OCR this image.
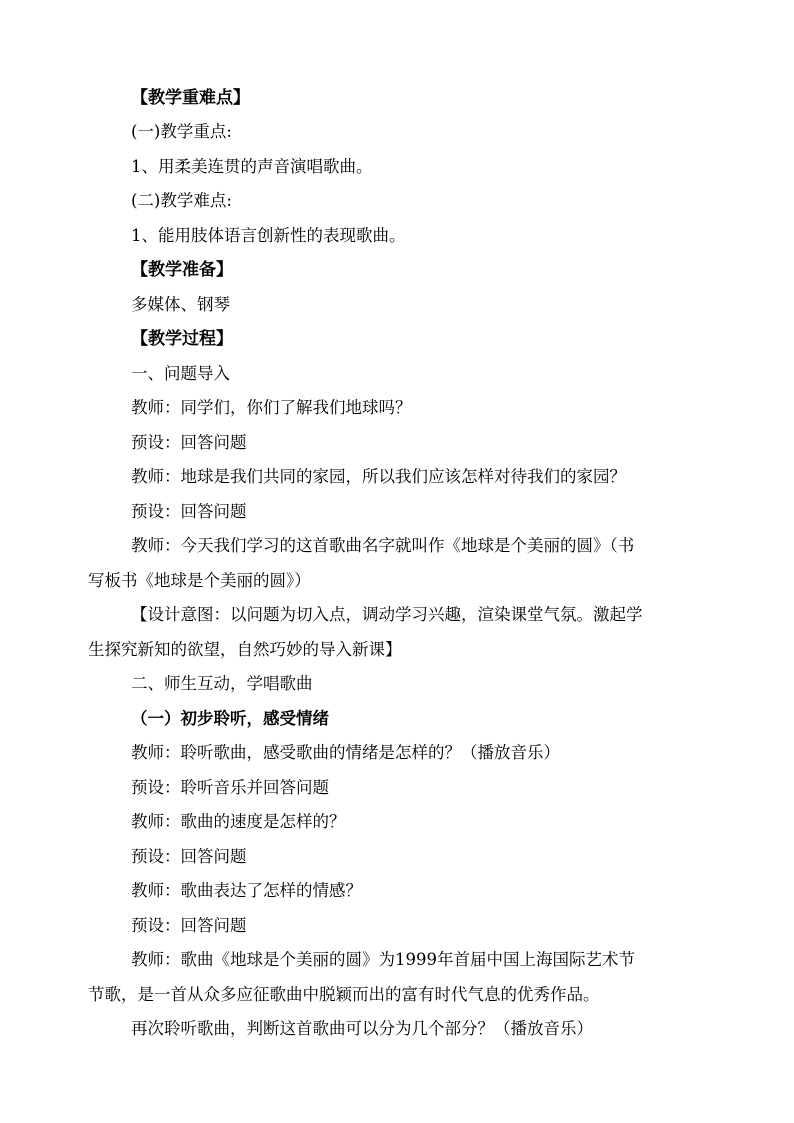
【教学重难点】
(一)教学重点:
1、用柔美连贯的声音演唱歌曲。
(二)教学难点:
1、能用肢体语言创新性的表现歌曲。
【教学准备】
多媒体、钢琴
【教学过程】
一、问题导入
教师：同学们，你们了解我们地球吗？
预设：回答问题
教师：地球是我们共同的家园，所以我们应该怎样对待我们的家园？
预设：回答问题
教师：今天我们学习的这首歌曲名字就叫作《地球是个美丽的圆》（书
写板书《地球是个美丽的圆》）
【设计意图：以问题为切入点，调动学习兴趣，渲染课堂气氛。激起学
生探究新知的欲望，自然巧妙的导入新课】
二、师生互动，学唱歌曲
（一）初步聆听，感受情绪
教师：聆听歌曲，感受歌曲的情绪是怎样的？（播放音乐）
预设：聆听音乐并回答问题
教师：歌曲的速度是怎样的？
预设：回答问题
教师：歌曲表达了怎样的情感？
预设：回答问题
教师：歌曲《地球是个美丽的圆》为1999年首届中国上海国际艺术节
节歌，是一首从众多应征歌曲中脱颖而出的富有时代气息的优秀作品。
再次聆听歌曲，判断这首歌曲可以分为几个部分？（播放音乐）
